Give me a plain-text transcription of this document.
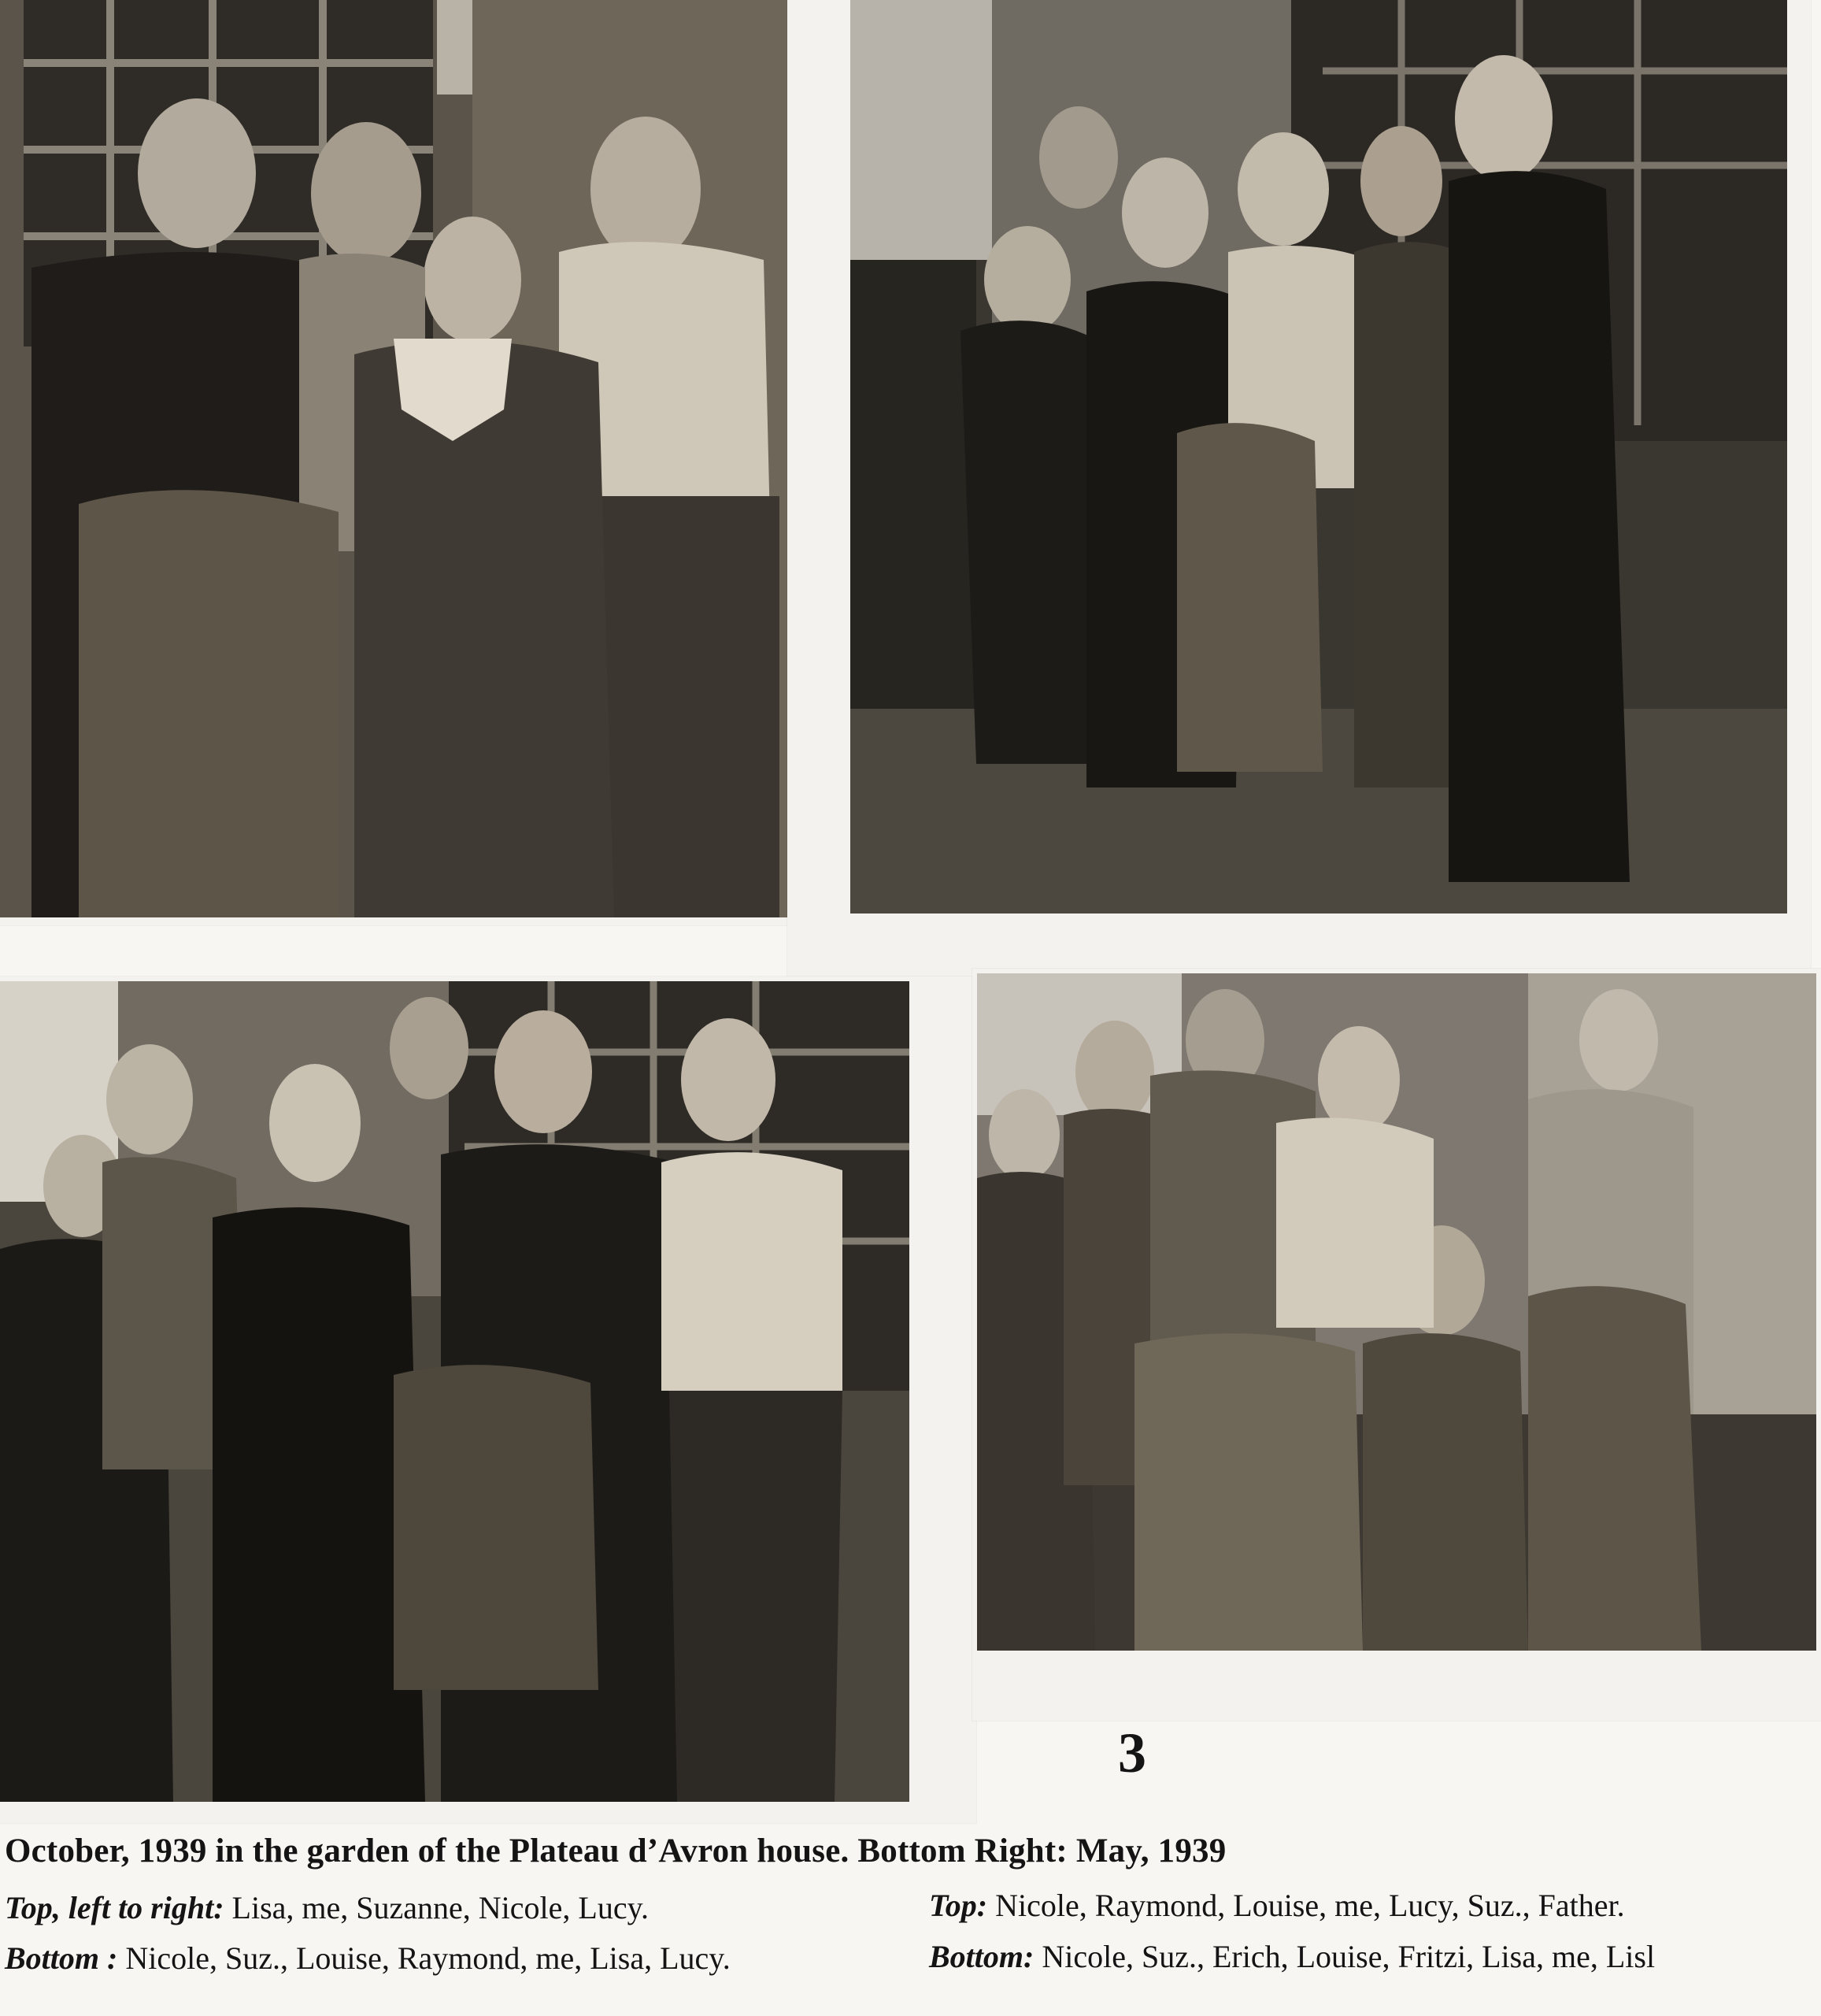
3
October, 1939 in the garden of the Plateau d’Avron house. Bottom Right: May, 1939
Top, left to right: Lisa, me, Suzanne, Nicole, Lucy.
Bottom : Nicole, Suz., Louise, Raymond, me, Lisa, Lucy.
Top: Nicole, Raymond, Louise, me, Lucy, Suz., Father.
Bottom: Nicole, Suz., Erich, Louise, Fritzi, Lisa, me, Lisl
